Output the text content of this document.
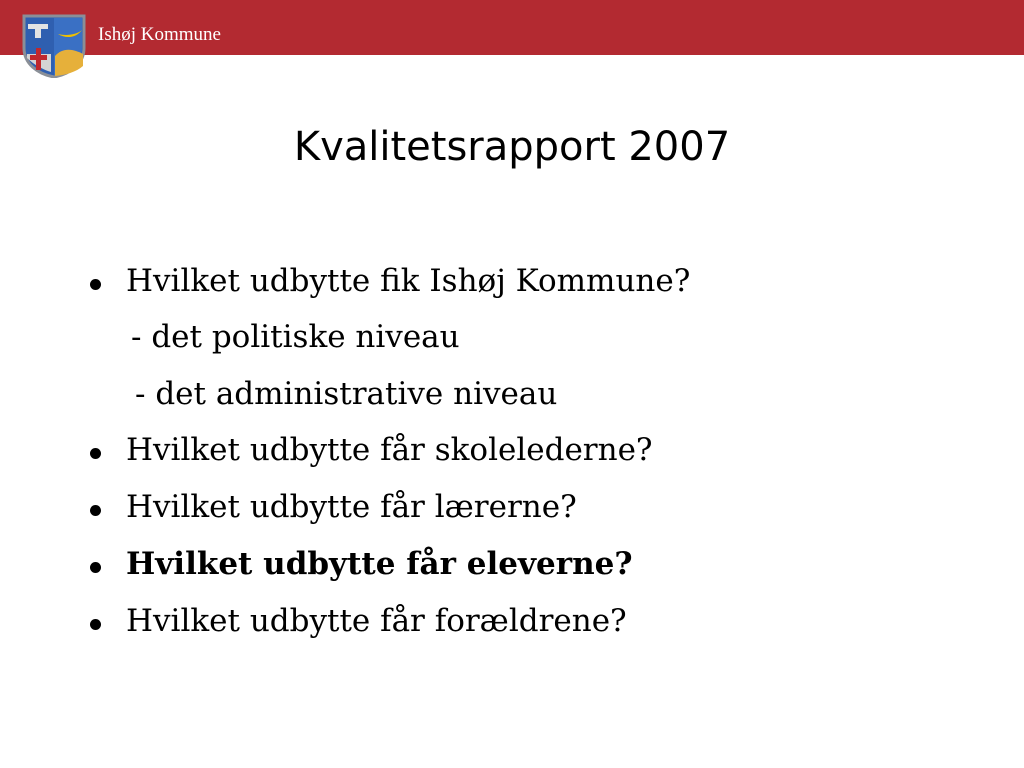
Ishøj Kommune
Kvalitetsrapport 2007
Hvilket udbytte fik Ishøj Kommune?
- det politiske niveau
- det administrative niveau
Hvilket udbytte får skolelederne?
Hvilket udbytte får lærerne?
Hvilket udbytte får eleverne?
Hvilket udbytte får forældrene?
